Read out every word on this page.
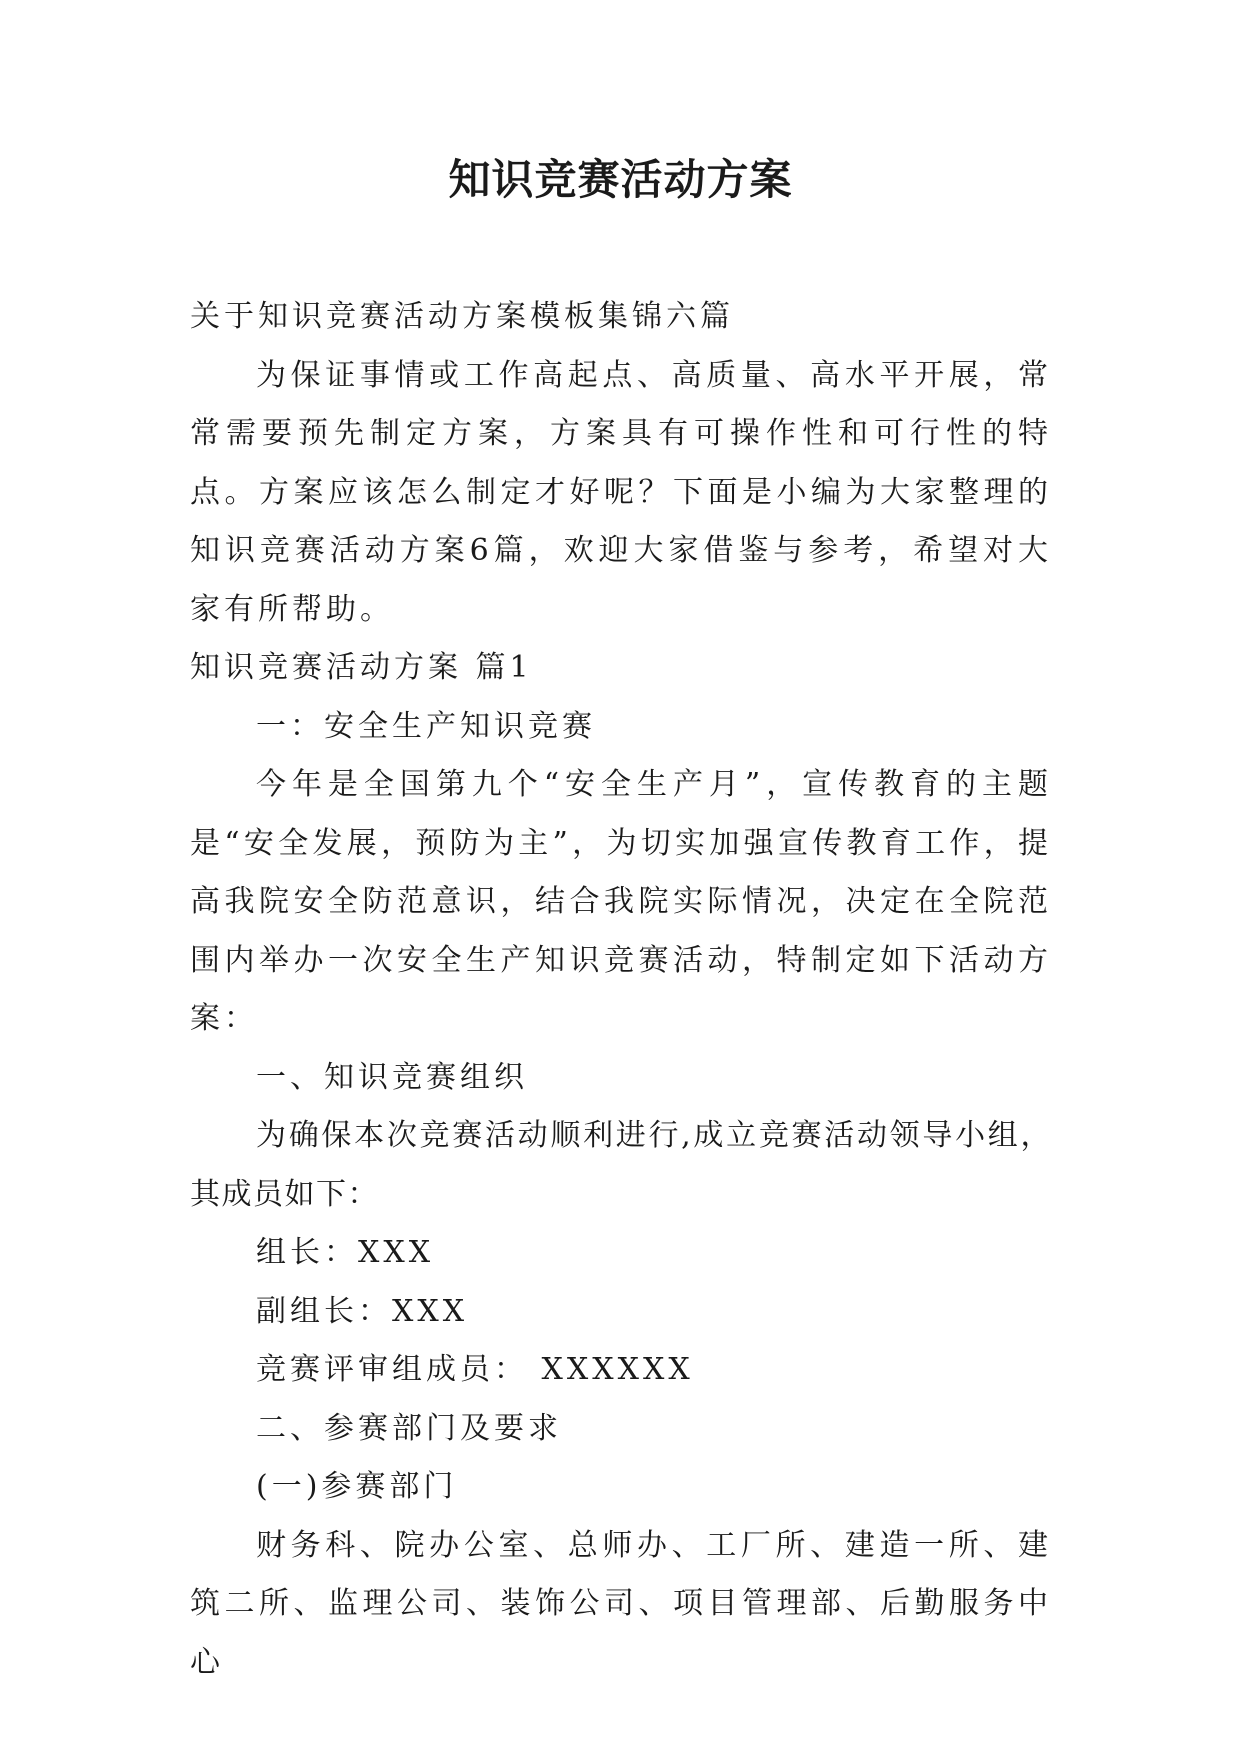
知识竞赛活动方案

关于知识竞赛活动方案模板集锦六篇

为保证事情或工作高起点、高质量、高水平开展，常常需要预先制定方案，方案具有可操作性和可行性的特点。方案应该怎么制定才好呢？下面是小编为大家整理的知识竞赛活动方案6篇，欢迎大家借鉴与参考，希望对大家有所帮助。

知识竞赛活动方案 篇1

一：安全生产知识竞赛

今年是全国第九个“安全生产月”，宣传教育的主题是“安全发展，预防为主”，为切实加强宣传教育工作，提高我院安全防范意识，结合我院实际情况，决定在全院范围内举办一次安全生产知识竞赛活动，特制定如下活动方案：

一、知识竞赛组织

为确保本次竞赛活动顺利进行,成立竞赛活动领导小组，其成员如下：

组长：XXX

副组长：XXX

竞赛评审组成员： XXXXXX

二、参赛部门及要求

(一)参赛部门

财务科、院办公室、总师办、工厂所、建造一所、建筑二所、监理公司、装饰公司、项目管理部、后勤服务中心
